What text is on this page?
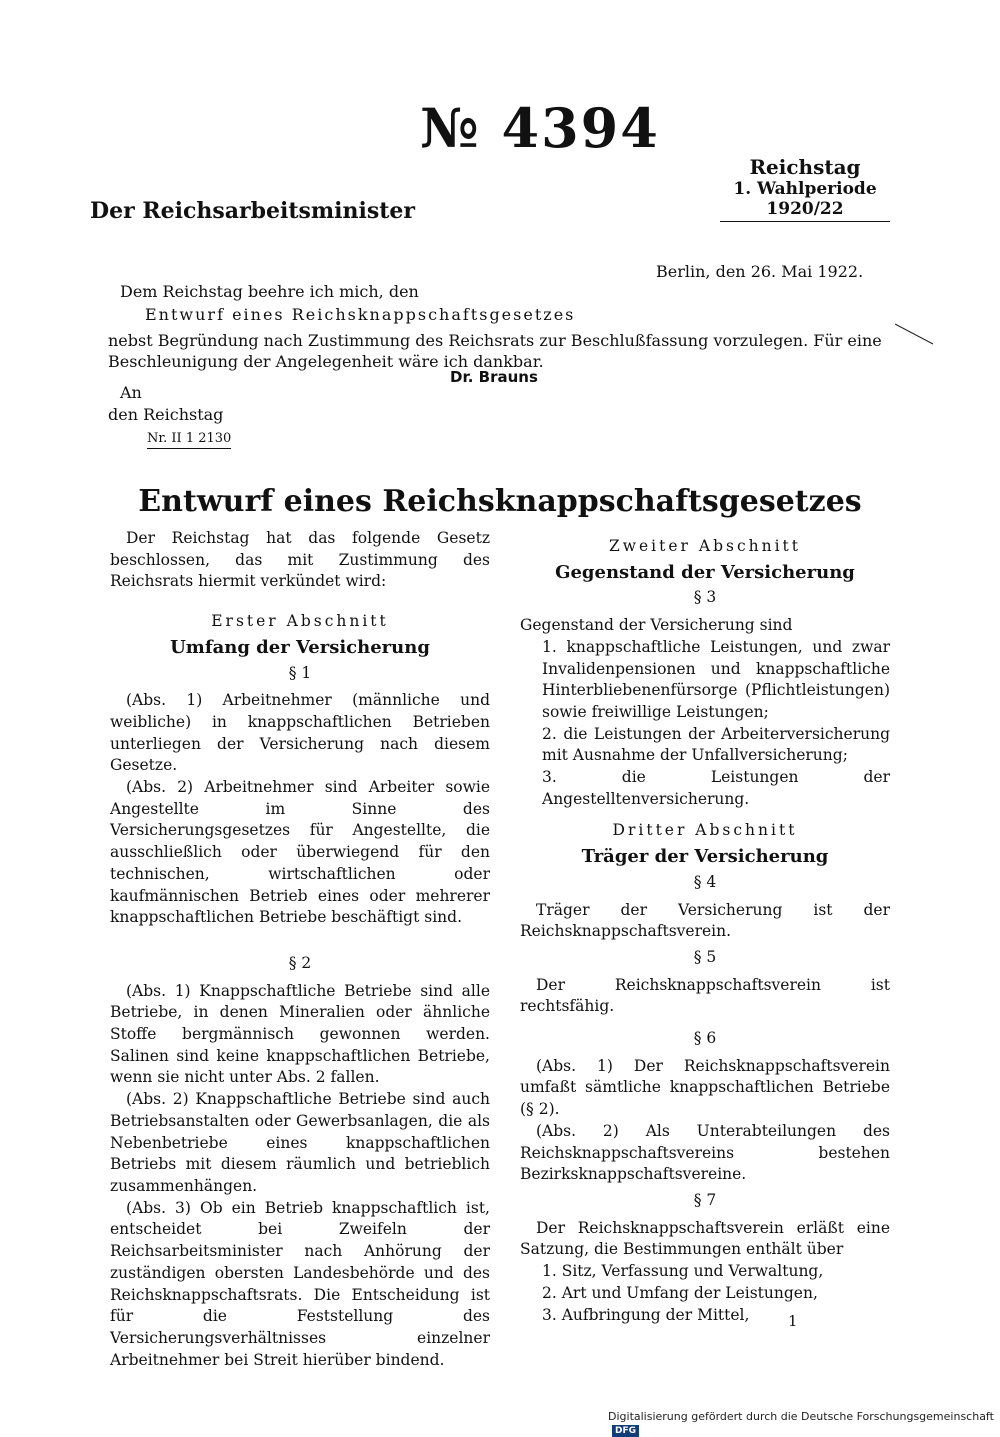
№ 4394
Reichstag
1. Wahlperiode 1920/22
Der Reichsarbeitsminister
Berlin, den 26. Mai 1922.
Dem Reichstag beehre ich mich, den
Entwurf eines Reichsknappschaftsgesetzes
nebst Begründung nach Zustimmung des Reichsrats zur Beschlußfassung vorzulegen. Für eine Beschleunigung der Angelegenheit wäre ich dankbar.
Dr. Brauns
An
den Reichstag
Nr. II 1 2130
Entwurf eines Reichsknappschaftsgesetzes

Der Reichstag hat das folgende Gesetz beschlossen, das mit Zustimmung des Reichsrats hiermit verkündet wird:

Erster Abschnitt

Umfang der Versicherung

§ 1

(Abs. 1) Arbeitnehmer (männliche und weibliche) in knappschaftlichen Betrieben unterliegen der Versicherung nach diesem Gesetze.

(Abs. 2) Arbeitnehmer sind Arbeiter sowie Angestellte im Sinne des Versicherungsgesetzes für Angestellte, die ausschließlich oder überwiegend für den technischen, wirtschaftlichen oder kaufmännischen Betrieb eines oder mehrerer knappschaftlichen Betriebe beschäftigt sind.

§ 2

(Abs. 1) Knappschaftliche Betriebe sind alle Betriebe, in denen Mineralien oder ähnliche Stoffe bergmännisch gewonnen werden. Salinen sind keine knappschaftlichen Betriebe, wenn sie nicht unter Abs. 2 fallen.

(Abs. 2) Knappschaftliche Betriebe sind auch Betriebsanstalten oder Gewerbsanlagen, die als Nebenbetriebe eines knappschaftlichen Betriebs mit diesem räumlich und betrieblich zusammenhängen.

(Abs. 3) Ob ein Betrieb knappschaftlich ist, entscheidet bei Zweifeln der Reichsarbeitsminister nach Anhörung der zuständigen obersten Landesbehörde und des Reichsknappschaftsrats. Die Entscheidung ist für die Feststellung des Versicherungsverhältnisses einzelner Arbeitnehmer bei Streit hierüber bindend.

Zweiter Abschnitt

Gegenstand der Versicherung

§ 3

Gegenstand der Versicherung sind

1. knappschaftliche Leistungen, und zwar Invalidenpensionen und knappschaftliche Hinterbliebenenfürsorge (Pflichtleistungen) sowie freiwillige Leistungen;

2. die Leistungen der Arbeiterversicherung mit Ausnahme der Unfallversicherung;

3. die Leistungen der Angestelltenversicherung.

Dritter Abschnitt

Träger der Versicherung

§ 4

Träger der Versicherung ist der Reichsknappschaftsverein.

§ 5

Der Reichsknappschaftsverein ist rechtsfähig.

§ 6

(Abs. 1) Der Reichsknappschaftsverein umfaßt sämtliche knappschaftlichen Betriebe (§ 2).

(Abs. 2) Als Unterabteilungen des Reichsknappschaftsvereins bestehen Bezirksknappschaftsvereine.

§ 7

Der Reichsknappschaftsverein erläßt eine Satzung, die Bestimmungen enthält über

1. Sitz, Verfassung und Verwaltung,

2. Art und Umfang der Leistungen,

3. Aufbringung der Mittel,	1
Digitalisierung gefördert durch die Deutsche Forschungsgemeinschaft DFG
